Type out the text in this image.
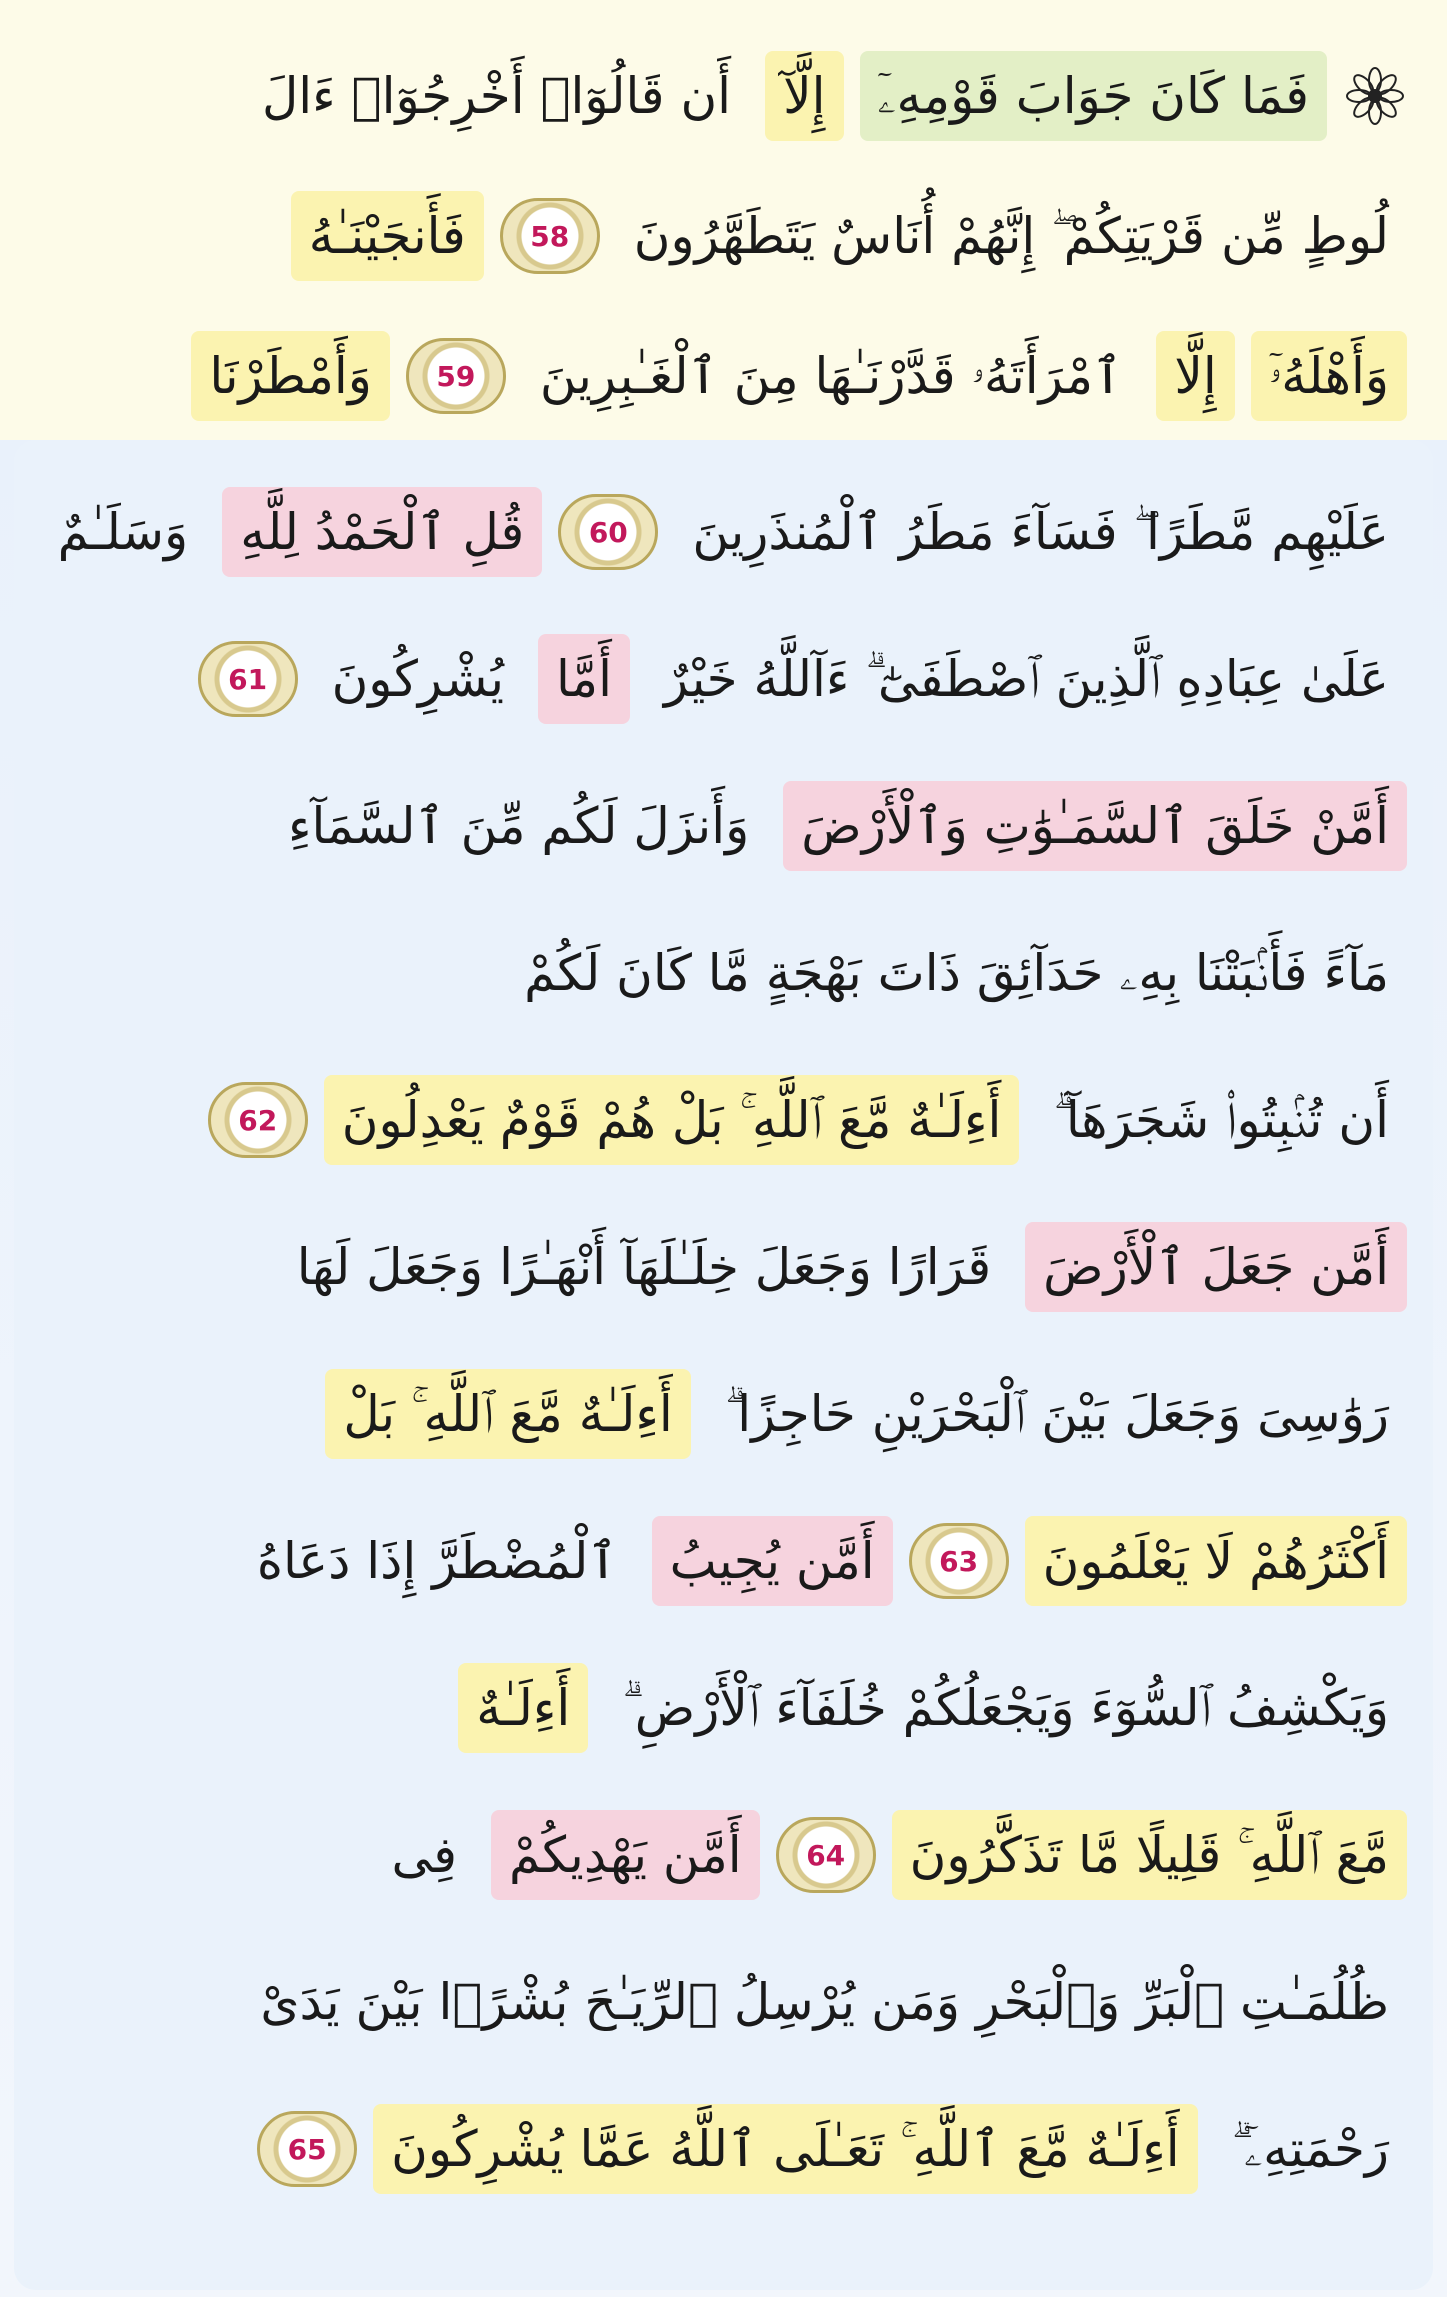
فَمَا كَانَ جَوَابَ قَوْمِهِۦٓ
إِلَّآ
أَن قَالُوٓا۟ أَخْرِجُوٓا۟ ءَالَ
لُوطٍ مِّن قَرْيَتِكُمْ ۖ إِنَّهُمْ أُنَاسٌ يَتَطَهَّرُونَ
58
فَأَنجَيْنَـٰهُ
وَأَهْلَهُۥٓ
إِلَّا
ٱمْرَأَتَهُۥ قَدَّرْنَـٰهَا مِنَ ٱلْغَـٰبِرِينَ
59
وَأَمْطَرْنَا
عَلَيْهِم مَّطَرًا ۖ فَسَآءَ مَطَرُ ٱلْمُنذَرِينَ
60
قُلِ ٱلْحَمْدُ لِلَّهِ
وَسَلَـٰمٌ
عَلَىٰ عِبَادِهِ ٱلَّذِينَ ٱصْطَفَىٰٓ ۗ ءَآللَّهُ خَيْرٌ
أَمَّا
يُشْرِكُونَ
61
أَمَّنْ خَلَقَ ٱلسَّمَـٰوَٰتِ وَٱلْأَرْضَ
وَأَنزَلَ لَكُم مِّنَ ٱلسَّمَآءِ
مَآءً فَأَنۢبَتْنَا بِهِۦ حَدَآئِقَ ذَاتَ بَهْجَةٍ مَّا كَانَ لَكُمْ
أَن تُنۢبِتُوا۟ شَجَرَهَآ ۗ
أَءِلَـٰهٌ مَّعَ ٱللَّهِ ۚ بَلْ هُمْ قَوْمٌ يَعْدِلُونَ
62
أَمَّن جَعَلَ ٱلْأَرْضَ
قَرَارًا وَجَعَلَ خِلَـٰلَهَآ أَنْهَـٰرًا وَجَعَلَ لَهَا
رَوَٰسِىَ وَجَعَلَ بَيْنَ ٱلْبَحْرَيْنِ حَاجِزًا ۗ
أَءِلَـٰهٌ مَّعَ ٱللَّهِ ۚ بَلْ
أَكْثَرُهُمْ لَا يَعْلَمُونَ
63
أَمَّن يُجِيبُ
ٱلْمُضْطَرَّ إِذَا دَعَاهُ
وَيَكْشِفُ ٱلسُّوٓءَ وَيَجْعَلُكُمْ خُلَفَآءَ ٱلْأَرْضِ ۗ
أَءِلَـٰهٌ
مَّعَ ٱللَّهِ ۚ قَلِيلًا مَّا تَذَكَّرُونَ
64
أَمَّن يَهْدِيكُمْ
فِى
ظُلُمَـٰتِ ٱلْبَرِّ وَٱلْبَحْرِ وَمَن يُرْسِلُ ٱلرِّيَـٰحَ بُشْرًۢا بَيْنَ يَدَىْ
رَحْمَتِهِۦٓ ۗ
أَءِلَـٰهٌ مَّعَ ٱللَّهِ ۚ تَعَـٰلَى ٱللَّهُ عَمَّا يُشْرِكُونَ
65
